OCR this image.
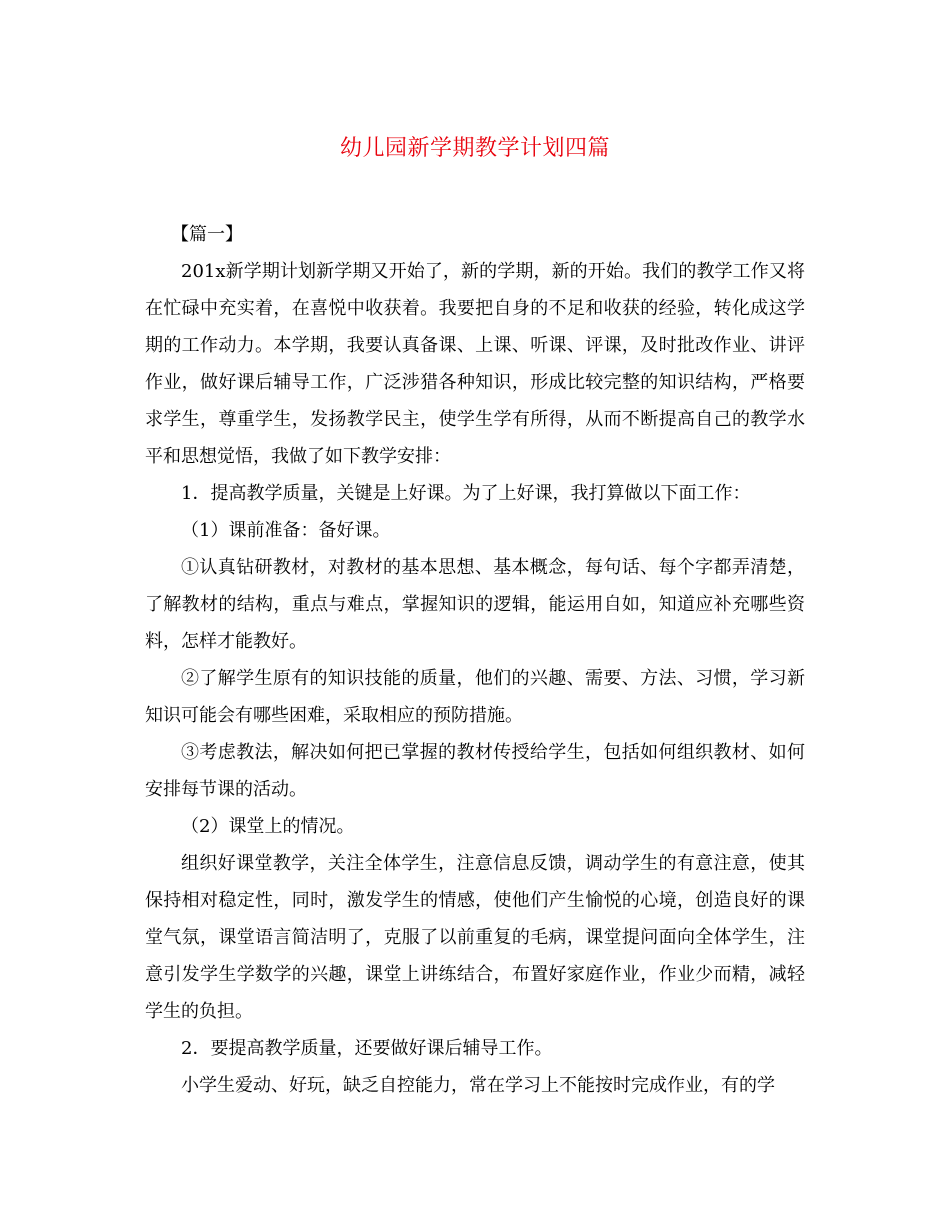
幼儿园新学期教学计划四篇

【篇一】

201x新学期计划新学期又开始了，新的学期，新的开始。我们的教学工作又将在忙碌中充实着，在喜悦中收获着。我要把自身的不足和收获的经验，转化成这学期的工作动力。本学期，我要认真备课、上课、听课、评课，及时批改作业、讲评作业，做好课后辅导工作，广泛涉猎各种知识，形成比较完整的知识结构，严格要求学生，尊重学生，发扬教学民主，使学生学有所得，从而不断提高自己的教学水平和思想觉悟，我做了如下教学安排：

1．提高教学质量，关键是上好课。为了上好课，我打算做以下面工作：

（1）课前准备：备好课。

①认真钻研教材，对教材的基本思想、基本概念，每句话、每个字都弄清楚，了解教材的结构，重点与难点，掌握知识的逻辑，能运用自如，知道应补充哪些资料，怎样才能教好。

②了解学生原有的知识技能的质量，他们的兴趣、需要、方法、习惯，学习新知识可能会有哪些困难，采取相应的预防措施。

③考虑教法，解决如何把已掌握的教材传授给学生，包括如何组织教材、如何安排每节课的活动。

（2）课堂上的情况。

组织好课堂教学，关注全体学生，注意信息反馈，调动学生的有意注意，使其保持相对稳定性，同时，激发学生的情感，使他们产生愉悦的心境，创造良好的课堂气氛，课堂语言简洁明了，克服了以前重复的毛病，课堂提问面向全体学生，注意引发学生学数学的兴趣，课堂上讲练结合，布置好家庭作业，作业少而精，减轻学生的负担。

2．要提高教学质量，还要做好课后辅导工作。

小学生爱动、好玩，缺乏自控能力，常在学习上不能按时完成作业，有的学
